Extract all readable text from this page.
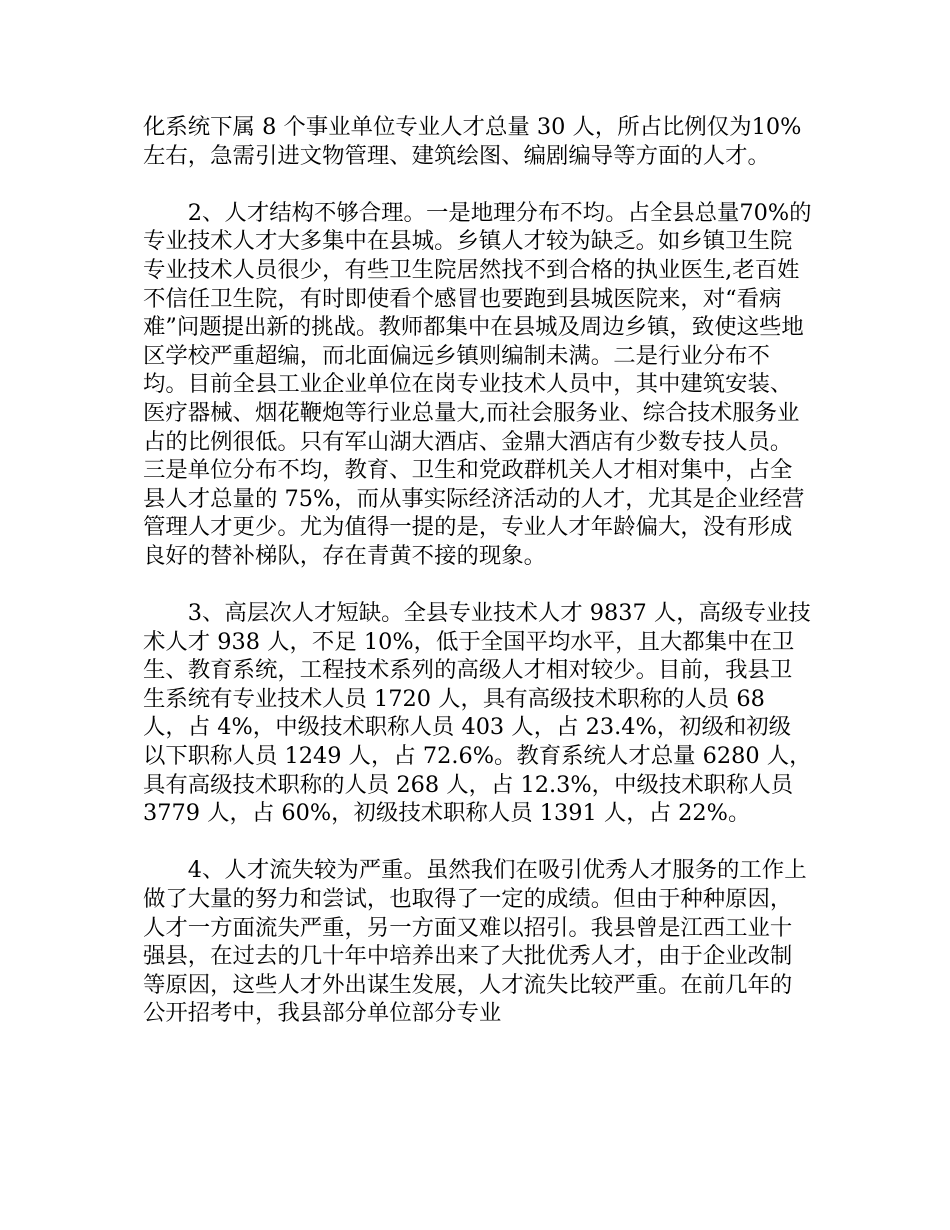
化系统下属 8 个事业单位专业人才总量 30 人，所占比例仅为10%左右，急需引进文物管理、建筑绘图、编剧编导等方面的人才。

2、人才结构不够合理。一是地理分布不均。占全县总量70%的专业技术人才大多集中在县城。乡镇人才较为缺乏。如乡镇卫生院专业技术人员很少，有些卫生院居然找不到合格的执业医生,老百姓不信任卫生院，有时即使看个感冒也要跑到县城医院来，对“看病难”问题提出新的挑战。教师都集中在县城及周边乡镇，致使这些地区学校严重超编，而北面偏远乡镇则编制未满。二是行业分布不均。目前全县工业企业单位在岗专业技术人员中，其中建筑安装、医疗器械、烟花鞭炮等行业总量大,而社会服务业、综合技术服务业占的比例很低。只有军山湖大酒店、金鼎大酒店有少数专技人员。三是单位分布不均，教育、卫生和党政群机关人才相对集中，占全县人才总量的 75%，而从事实际经济活动的人才，尤其是企业经营管理人才更少。尤为值得一提的是，专业人才年龄偏大，没有形成良好的替补梯队，存在青黄不接的现象。

3、高层次人才短缺。全县专业技术人才 9837 人，高级专业技术人才 938 人，不足 10%，低于全国平均水平，且大都集中在卫生、教育系统，工程技术系列的高级人才相对较少。目前，我县卫生系统有专业技术人员 1720 人，具有高级技术职称的人员 68 人，占 4%，中级技术职称人员 403 人，占 23.4%，初级和初级以下职称人员 1249 人，占 72.6%。教育系统人才总量 6280 人，具有高级技术职称的人员 268 人，占 12.3%，中级技术职称人员 3779 人，占 60%，初级技术职称人员 1391 人，占 22%。

4、人才流失较为严重。虽然我们在吸引优秀人才服务的工作上做了大量的努力和尝试，也取得了一定的成绩。但由于种种原因，人才一方面流失严重，另一方面又难以招引。我县曾是江西工业十强县，在过去的几十年中培养出来了大批优秀人才，由于企业改制等原因，这些人才外出谋生发展，人才流失比较严重。在前几年的公开招考中，我县部分单位部分专业
